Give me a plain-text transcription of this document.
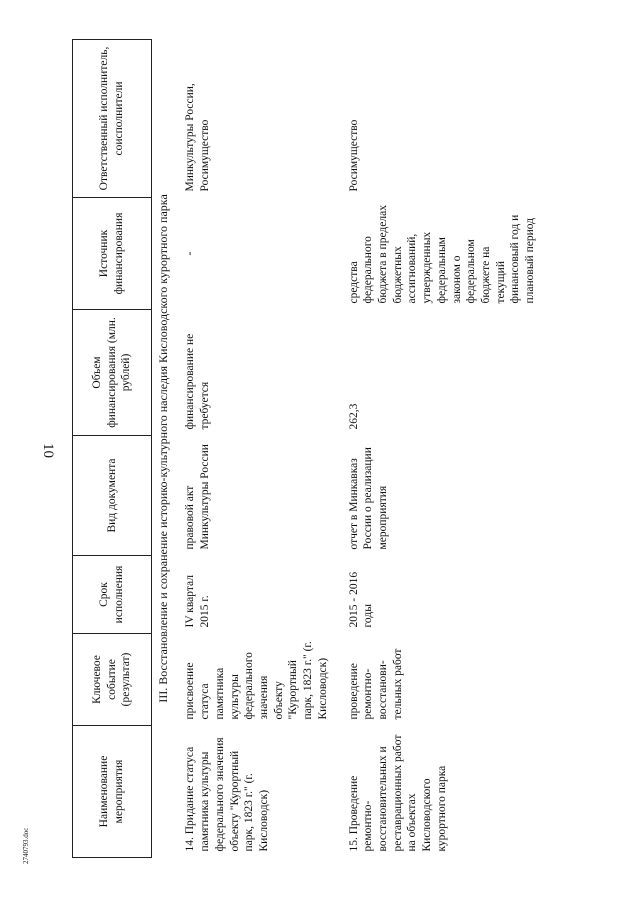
10
Наименование мероприятия	Ключевое событие (результат)	Срок исполнения	Вид документа	Объем финансирования (млн. рублей)	Источник финансирования	Ответственный исполнитель, соисполнители
III. Восстановление и сохранение историко-культурного наследия Кисловодского курортного парка						
14. Придание статуса памятника культуры федерального значения объекту "Курортный парк, 1823 г." (г. Кисловодск)	присвоение статуса памятника культуры федерального значения объекту "Курортный парк, 1823 г." (г. Кисловодск)	IV квартал 2015 г.	правовой акт Минкультуры России	финансирование не требуется	-	Минкультуры России, Росимущество
15. Проведение ремонтно-восстановительных и реставрационных работ на объектах Кисловодского курортного парка	проведение ремонтно-восстанови-тельных работ	2015 - 2016 годы	отчет в Минкавказ России о реализации мероприятия	262,3	средства федерального бюджета в пределах бюджетных ассигнований, утвержденных федеральным законом о федеральном бюджете на текущий финансовый год и плановый период	Росимущество
2740793.doc
